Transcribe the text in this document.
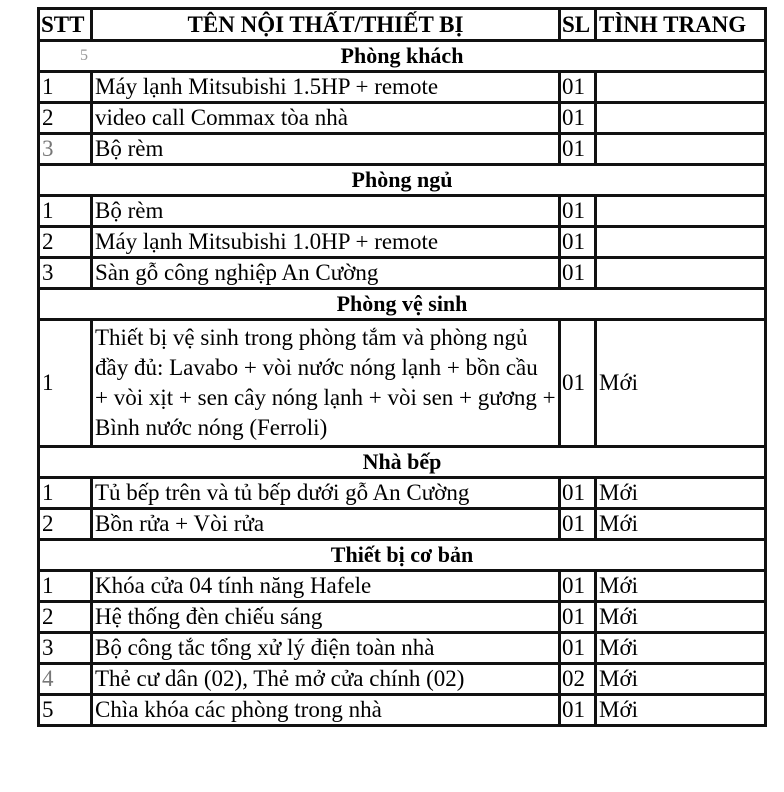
STT	TÊN NỘI THẤT/THIẾT BỊ	SL	TÌNH TRANG

5 Phòng khách			
1	Máy lạnh Mitsubishi 1.5HP + remote	01	
2	video call Commax tòa nhà	01	
3	Bộ rèm	01	
Phòng ngủ			
1	Bộ rèm	01	
2	Máy lạnh Mitsubishi 1.0HP + remote	01	
3	Sàn gỗ công nghiệp An Cường	01	
Phòng vệ sinh			
1	Thiết bị vệ sinh trong phòng tắm và phòng ngủ đầy đủ: Lavabo + vòi nước nóng lạnh + bồn cầu + vòi xịt + sen cây nóng lạnh + vòi sen + gương + Bình nước nóng (Ferroli)	01	Mới
Nhà bếp			
1	Tủ bếp trên và tủ bếp dưới gỗ An Cường	01	Mới
2	Bồn rửa + Vòi rửa	01	Mới
Thiết bị cơ bản			
1	Khóa cửa 04 tính năng Hafele	01	Mới
2	Hệ thống đèn chiếu sáng	01	Mới
3	Bộ công tắc tổng xử lý điện toàn nhà	01	Mới
4	Thẻ cư dân (02), Thẻ mở cửa chính (02)	02	Mới
5	Chìa khóa các phòng trong nhà	01	Mới
